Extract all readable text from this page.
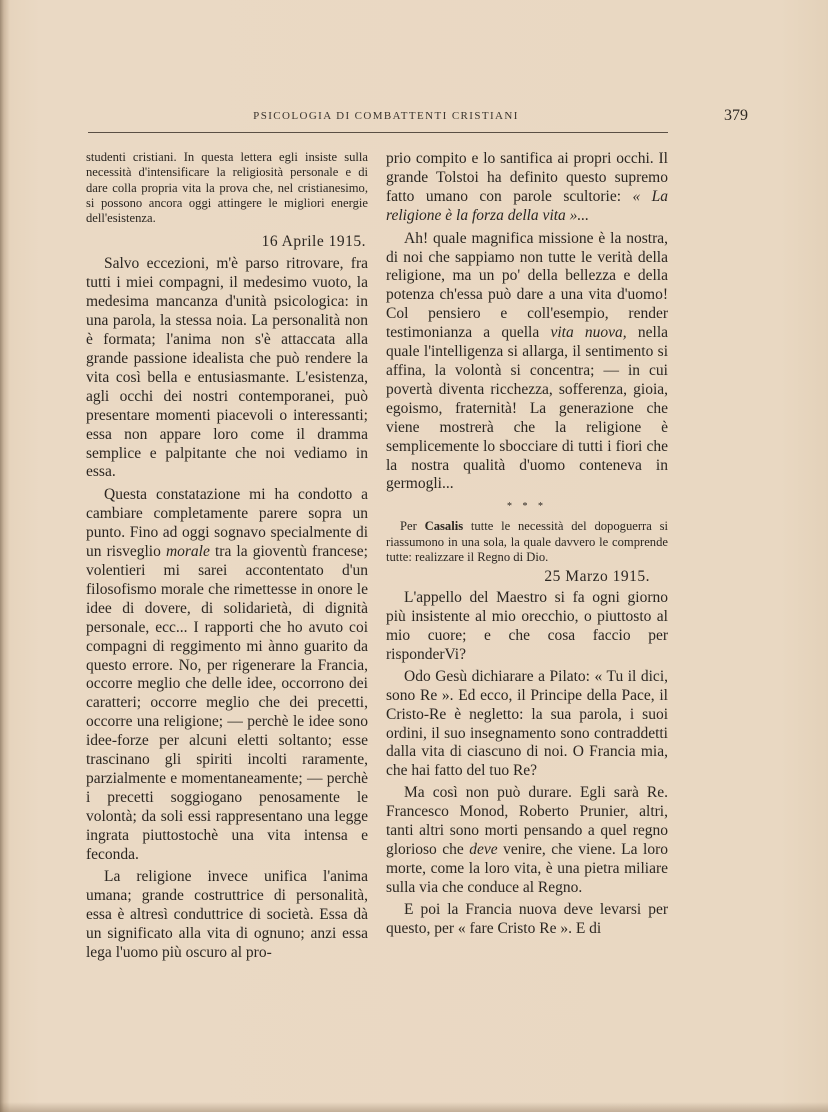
PSICOLOGIA DI COMBATTENTI CRISTIANI	379

studenti cristiani. In questa lettera egli insiste sulla necessità d'intensificare la religiosità personale e di dare colla propria vita la prova che, nel cristianesimo, si possono ancora oggi attingere le migliori energie dell'esistenza.

16 Aprile 1915.

Salvo eccezioni, m'è parso ritrovare, fra tutti i miei compagni, il medesimo vuoto, la medesima mancanza d'unità psicologica: in una parola, la stessa noia. La personalità non è formata; l'anima non s'è attaccata alla grande passione idealista che può rendere la vita così bella e entusiasmante. L'esistenza, agli occhi dei nostri contemporanei, può presentare momenti piacevoli o interessanti; essa non appare loro come il dramma semplice e palpitante che noi vediamo in essa.

Questa constatazione mi ha condotto a cambiare completamente parere sopra un punto. Fino ad oggi sognavo specialmente di un risveglio morale tra la gioventù francese; volentieri mi sarei accontentato d'un filosofismo morale che rimettesse in onore le idee di dovere, di solidarietà, di dignità personale, ecc... I rapporti che ho avuto coi compagni di reggimento mi ànno guarito da questo errore. No, per rigenerare la Francia, occorre meglio che delle idee, occorrono dei caratteri; occorre meglio che dei precetti, occorre una religione; — perchè le idee sono idee-forze per alcuni eletti soltanto; esse trascinano gli spiriti incolti raramente, parzialmente e momentaneamente; — perchè i precetti soggiogano penosamente le volontà; da soli essi rappresentano una legge ingrata piuttostochè una vita intensa e feconda.

La religione invece unifica l'anima umana; grande costruttrice di personalità, essa è altresì conduttrice di società. Essa dà un significato alla vita di ognuno; anzi essa lega l'uomo più oscuro al pro-

prio compito e lo santifica ai propri occhi. Il grande Tolstoi ha definito questo supremo fatto umano con parole scultorie: « La religione è la forza della vita »...

Ah! quale magnifica missione è la nostra, di noi che sappiamo non tutte le verità della religione, ma un po' della bellezza e della potenza ch'essa può dare a una vita d'uomo! Col pensiero e coll'esempio, render testimonianza a quella vita nuova, nella quale l'intelligenza si allarga, il sentimento si affina, la volontà si concentra; — in cui povertà diventa ricchezza, sofferenza, gioia, egoismo, fraternità! La generazione che viene mostrerà che la religione è semplicemente lo sbocciare di tutti i fiori che la nostra qualità d'uomo conteneva in germogli...

* * *

Per Casalis tutte le necessità del dopoguerra si riassumono in una sola, la quale davvero le comprende tutte: realizzare il Regno di Dio.

25 Marzo 1915.

L'appello del Maestro si fa ogni giorno più insistente al mio orecchio, o piuttosto al mio cuore; e che cosa faccio per risponderVi?

Odo Gesù dichiarare a Pilato: « Tu il dici, sono Re ». Ed ecco, il Principe della Pace, il Cristo-Re è negletto: la sua parola, i suoi ordini, il suo insegnamento sono contraddetti dalla vita di ciascuno di noi. O Francia mia, che hai fatto del tuo Re?

Ma così non può durare. Egli sarà Re. Francesco Monod, Roberto Prunier, altri, tanti altri sono morti pensando a quel regno glorioso che deve venire, che viene. La loro morte, come la loro vita, è una pietra miliare sulla via che conduce al Regno.

E poi la Francia nuova deve levarsi per questo, per « fare Cristo Re ». E di
